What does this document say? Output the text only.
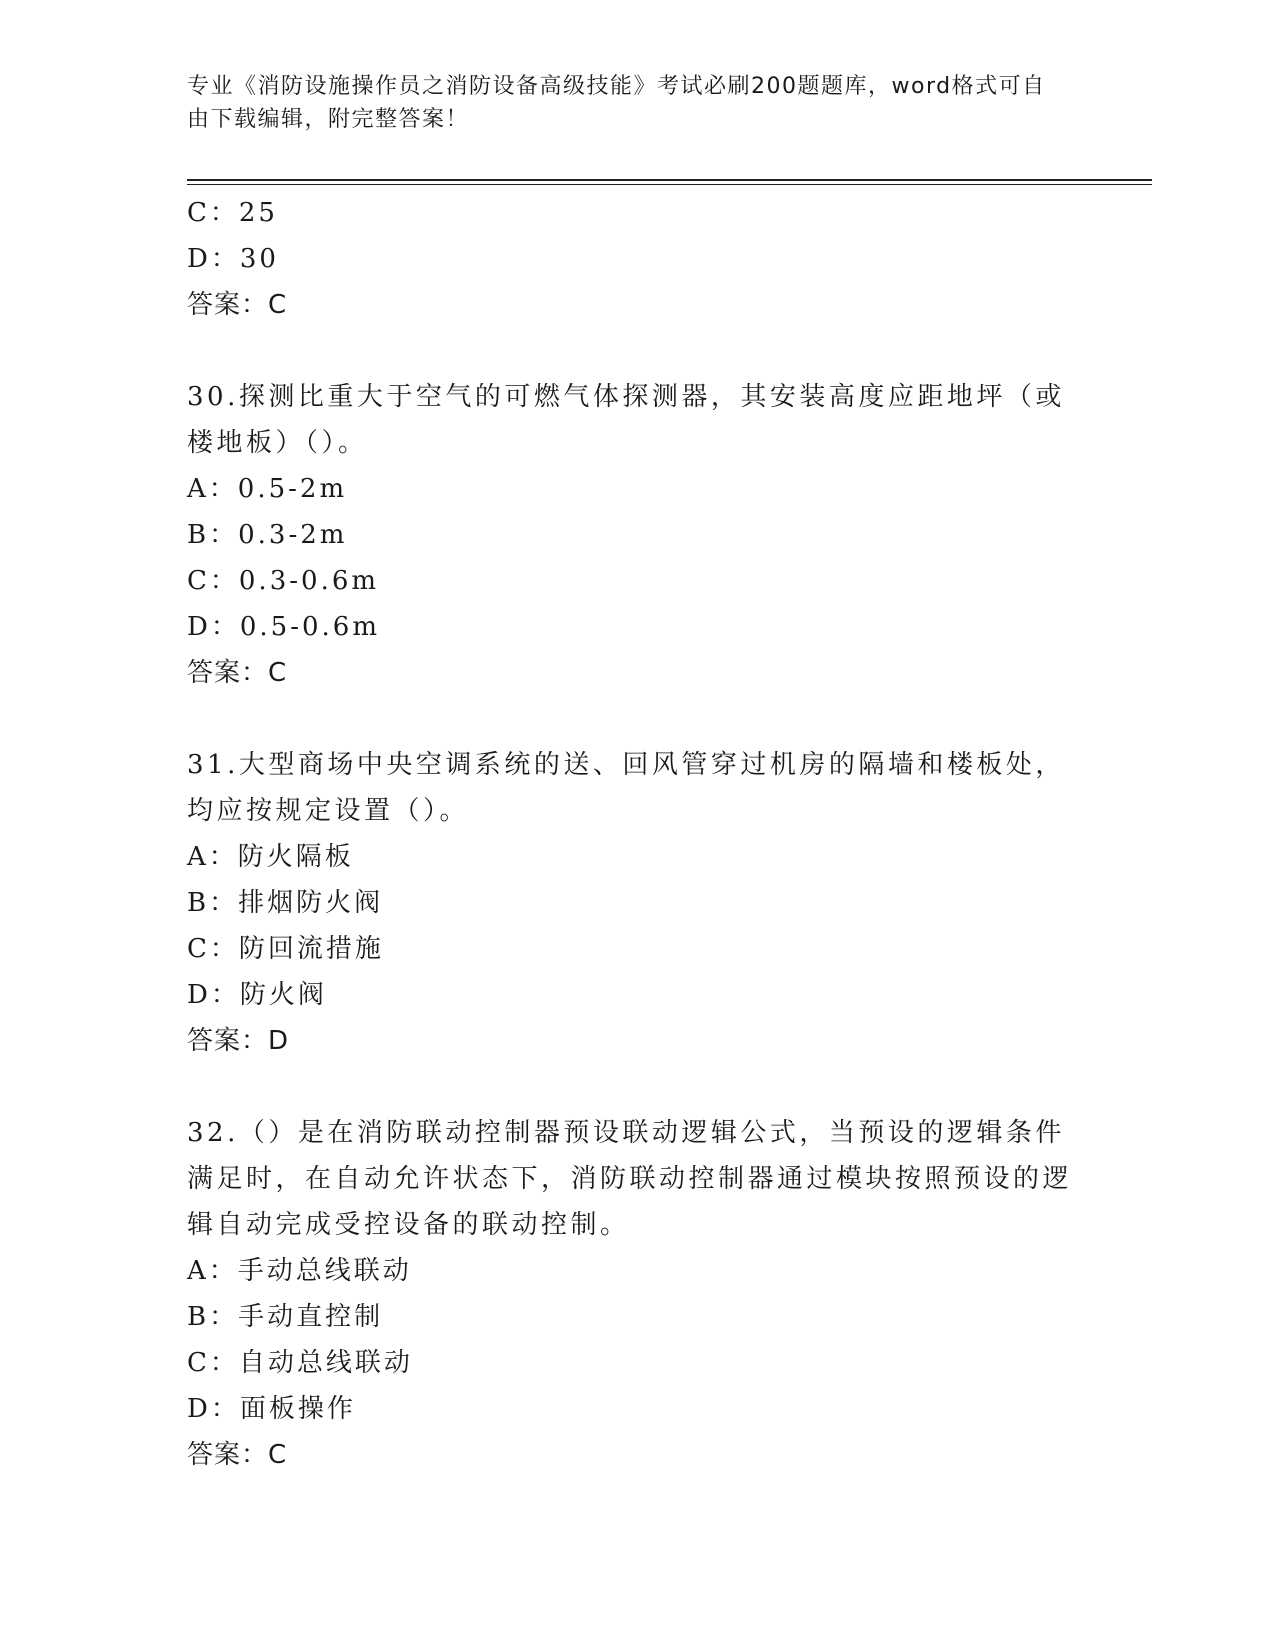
专业《消防设施操作员之消防设备高级技能》考试必刷200题题库，word格式可自由下载编辑，附完整答案！
C：25
D：30
答案：C
30.探测比重大于空气的可燃气体探测器，其安装高度应距地坪（或楼地板）（）。
A：0.5-2m
B：0.3-2m
C：0.3-0.6m
D：0.5-0.6m
答案：C
31.大型商场中央空调系统的送、回风管穿过机房的隔墙和楼板处，均应按规定设置（）。
A：防火隔板
B：排烟防火阀
C：防回流措施
D：防火阀
答案：D
32.（）是在消防联动控制器预设联动逻辑公式，当预设的逻辑条件满足时，在自动允许状态下，消防联动控制器通过模块按照预设的逻辑自动完成受控设备的联动控制。
A：手动总线联动
B：手动直控制
C：自动总线联动
D：面板操作
答案：C
